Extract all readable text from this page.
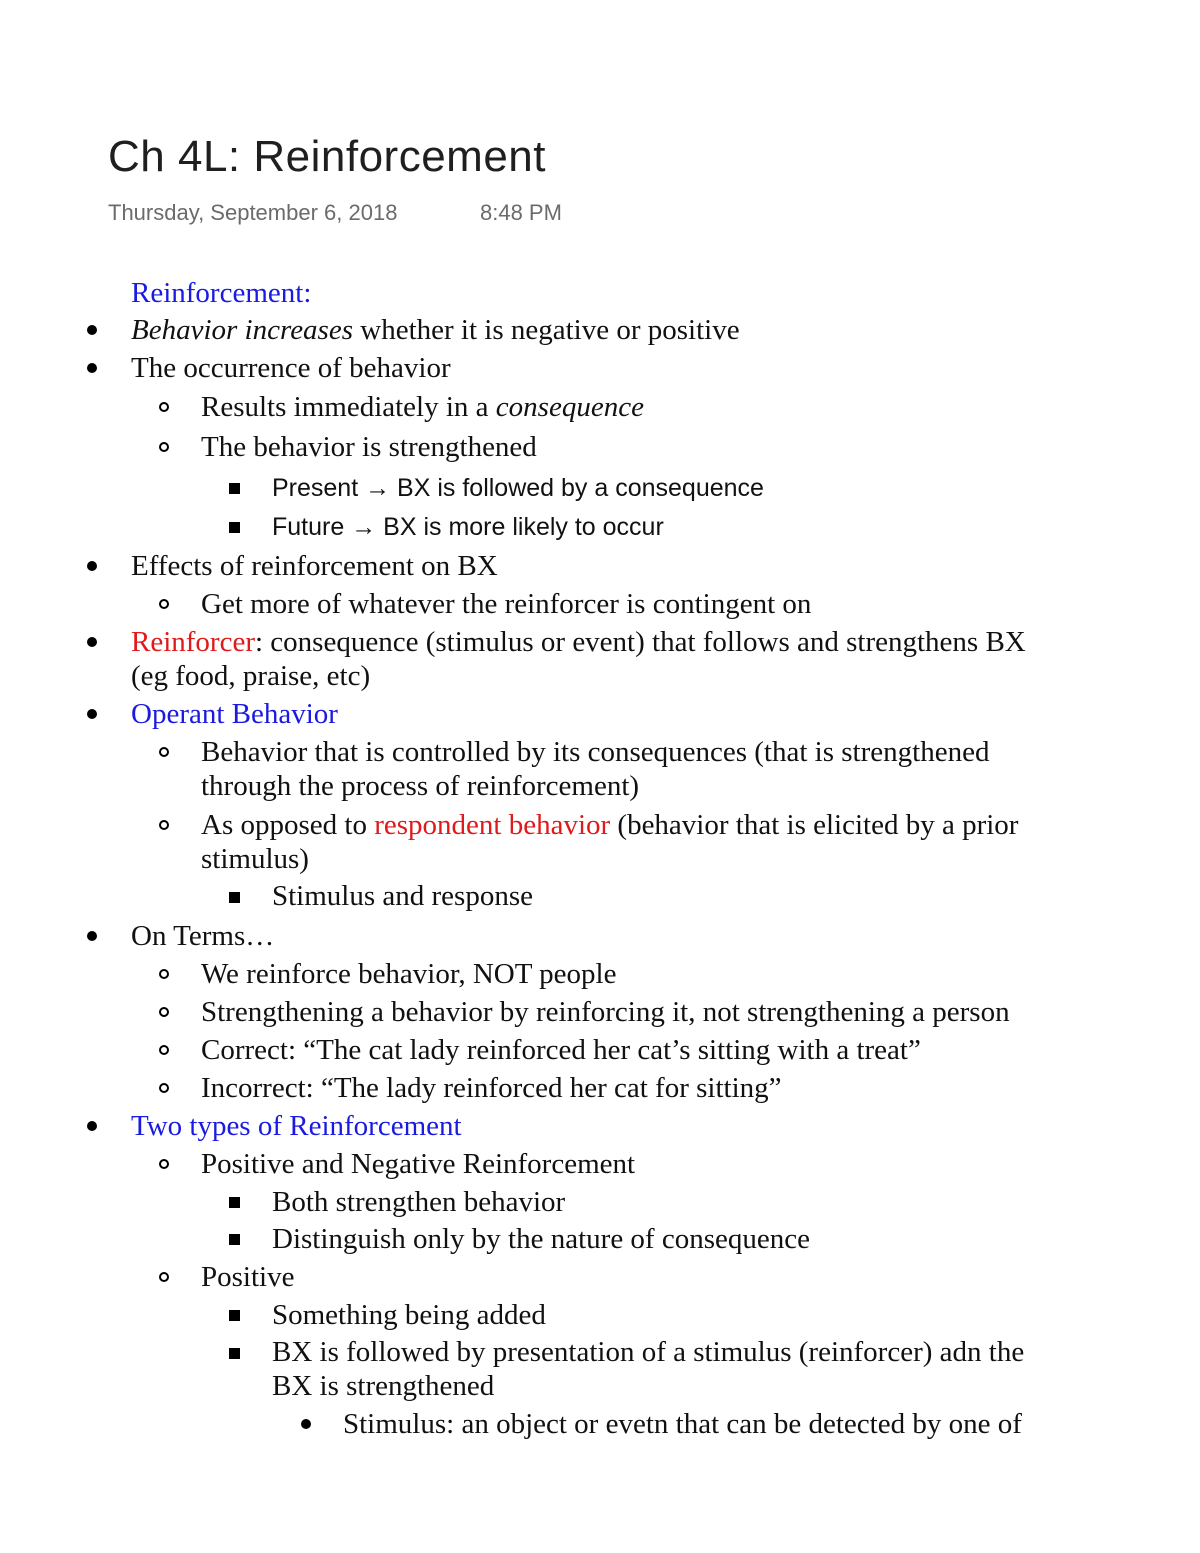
Ch 4L: Reinforcement
Thursday, September 6, 2018	8:48 PM
Reinforcement:
Behavior increases whether it is negative or positive
The occurrence of behavior
Results immediately in a consequence
The behavior is strengthened
Present → BX is followed by a consequence
Future → BX is more likely to occur
Effects of reinforcement on BX
Get more of whatever the reinforcer is contingent on
Reinforcer: consequence (stimulus or event) that follows and strengthens BX
(eg food, praise, etc)
Operant Behavior
Behavior that is controlled by its consequences (that is strengthened
through the process of reinforcement)
As opposed to respondent behavior (behavior that is elicited by a prior
stimulus)
Stimulus and response
On Terms…
We reinforce behavior, NOT people
Strengthening a behavior by reinforcing it, not strengthening a person
Correct: “The cat lady reinforced her cat’s sitting with a treat”
Incorrect: “The lady reinforced her cat for sitting”
Two types of Reinforcement
Positive and Negative Reinforcement
Both strengthen behavior
Distinguish only by the nature of consequence
Positive
Something being added
BX is followed by presentation of a stimulus (reinforcer) adn the
BX is strengthened
Stimulus: an object or evetn that can be detected by one of
